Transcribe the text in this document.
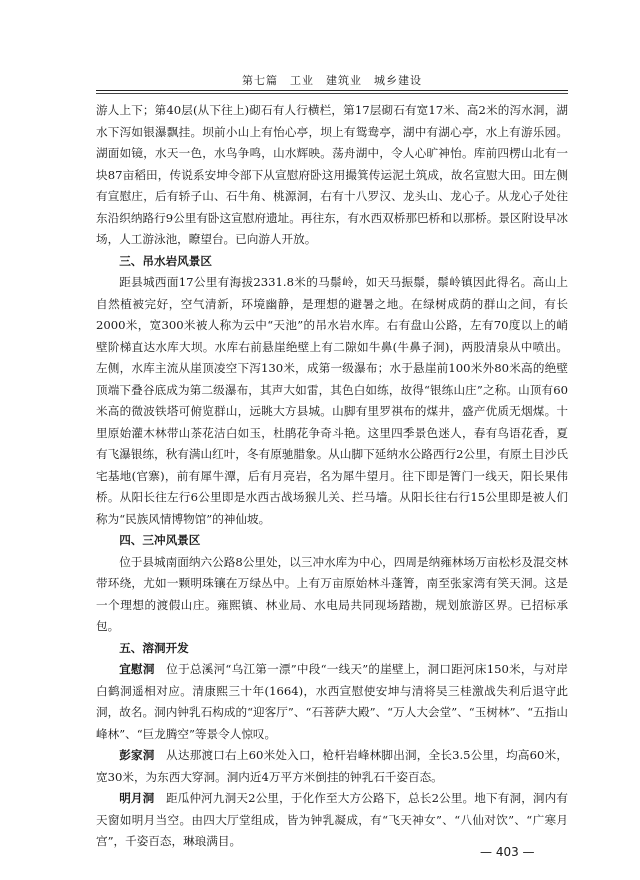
第七篇　工业　建筑业　城乡建设

游人上下；第40层(从下往上)砌石有人行横栏，第17层砌石有宽17米、高2米的泻水洞，湖水下泻如银瀑飘挂。坝前小山上有怡心亭，坝上有鸳鸯亭，湖中有湖心亭，水上有游乐园。湖面如镜，水天一色，水鸟争鸣，山水辉映。荡舟湖中，令人心旷神怡。库前四楞山北有一块87亩稻田，传说系安坤令部下从宣慰府卧这用撮箕传运泥土筑成，故名宣慰大田。田左侧有宣慰庄，后有轿子山、石牛角、桃源洞，右有十八罗汉、龙头山、龙心子。从龙心子处往东沿织纳路行9公里有卧这宣慰府遗址。再往东，有水西双桥那巴桥和以那桥。景区附设早冰场，人工游泳池，瞭望台。已向游人开放。

三、吊水岩风景区

距县城西面17公里有海拔2331.8米的马鬃岭，如天马振鬃，鬃岭镇因此得名。高山上自然植被完好，空气清新，环境幽静，是理想的避暑之地。在绿树成荫的群山之间，有长2000米，宽300米被人称为云中“天池”的吊水岩水库。右有盘山公路，左有70度以上的峭壁阶梯直达水库大坝。水库右前悬崖绝壁上有二隙如牛鼻(牛鼻子洞)，两股清泉从中喷出。左侧，水库主流从崖顶凌空下泻130米，成第一级瀑布；水于悬崖前100米外80米高的绝壁顶端下叠谷底成为第二级瀑布，其声大如雷，其色白如练，故得“银练山庄”之称。山顶有60米高的微波铁塔可俯览群山，远眺大方县城。山脚有里罗祺布的煤井，盛产优质无烟煤。十里原始灌木林带山茶花洁白如玉，杜鹃花争奇斗艳。这里四季景色迷人，春有鸟语花香，夏有飞瀑银练，秋有满山红叶，冬有原驰腊象。从山脚下延纳水公路西行2公里，有原土目沙氏宅基地(官寨)，前有犀牛潭，后有月亮岩，名为犀牛望月。往下即是箐门一线天，阳长果伟桥。从阳长往左行6公里即是水西古战场猴儿关、拦马墙。从阳长往右行15公里即是被人们称为“民族风情博物馆”的神仙坡。

四、三冲风景区

位于县城南面纳六公路8公里处，以三冲水库为中心，四周是纳雍林场万亩松杉及混交林带环绕，尤如一颗明珠镶在万绿丛中。上有万亩原始林斗蓬箐，南至张家湾有笑天洞。这是一个理想的渡假山庄。雍熙镇、林业局、水电局共同现场踏勘，规划旅游区界。已招标承包。

五、溶洞开发

宜慰洞 位于总溪河“乌江第一漂”中段“一线天”的崖壁上，洞口距河床150米，与对岸白鹤洞遥相对应。清康熙三十年(1664)，水西宣慰使安坤与清将吴三桂激战失利后退守此洞，故名。洞内钟乳石构成的“迎客厅”、“石菩萨大殿”、“万人大会堂”、“玉树林”、“五指山峰林”、“巨龙腾空”等景令人惊叹。

彭家洞 从达那渡口右上60米处入口，枪杆岩峰林脚出洞，全长3.5公里，均高60米，宽30米，为东西大穿洞。洞内近4万平方米倒挂的钟乳石千姿百态。

明月洞 距瓜仲河九洞天2公里，于化作至大方公路下，总长2公里。地下有洞，洞内有天窗如明月当空。由四大厅堂组成，皆为钟乳凝成，有“飞天神女”、“八仙对饮”、“广寒月宫”，千姿百态，琳琅满目。

— 403 —
